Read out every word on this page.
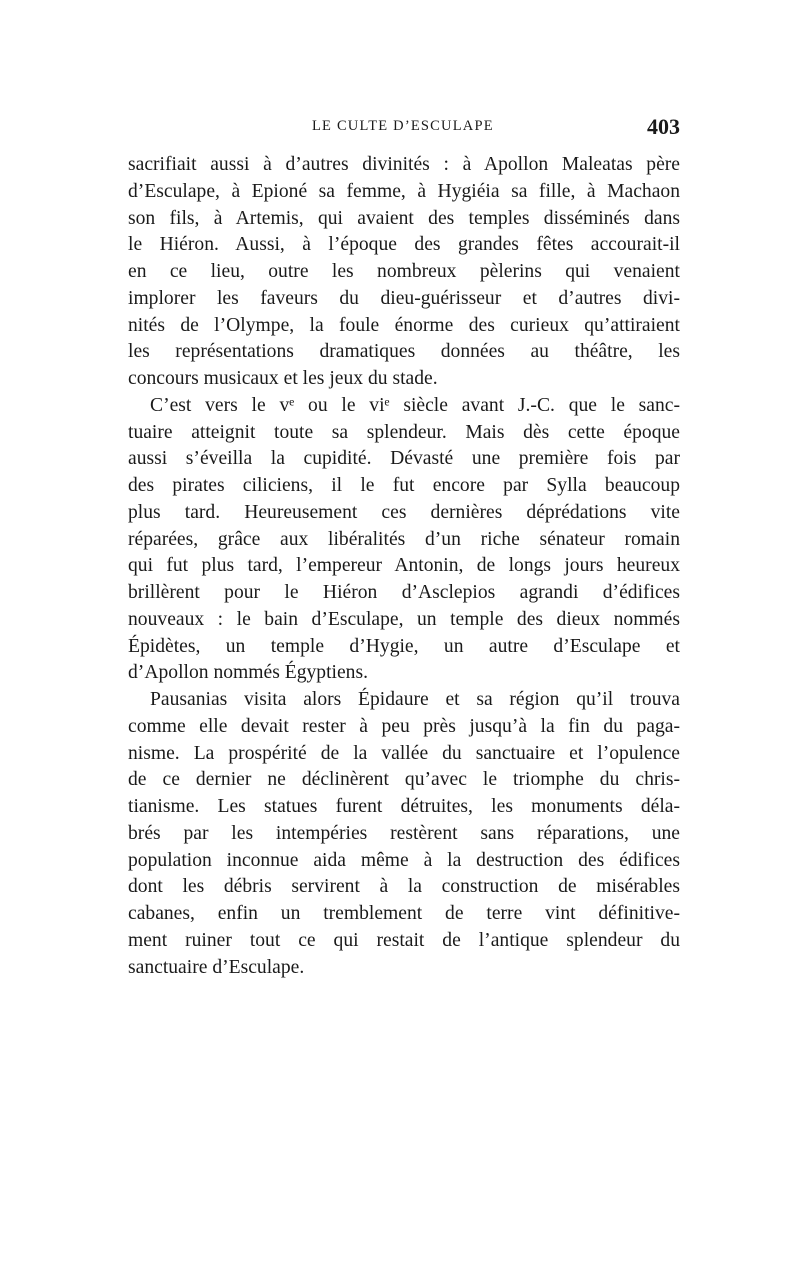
LE CULTE D’ESCULAPE	403

sacrifiait aussi à d’autres divinités : à Apollon Maleatas père
d’Esculape, à Epioné sa femme, à Hygiéia sa fille, à Machaon
son fils, à Artemis, qui avaient des temples disséminés dans
le Hiéron. Aussi, à l’époque des grandes fêtes accourait-il
en ce lieu, outre les nombreux pèlerins qui venaient
implorer les faveurs du dieu-guérisseur et d’autres divi-
nités de l’Olympe, la foule énorme des curieux qu’attiraient
les représentations dramatiques données au théâtre, les
concours musicaux et les jeux du stade.

C’est vers le vᵉ ou le viᵉ siècle avant J.-C. que le sanc-
tuaire atteignit toute sa splendeur. Mais dès cette époque
aussi s’éveilla la cupidité. Dévasté une première fois par
des pirates ciliciens, il le fut encore par Sylla beaucoup
plus tard. Heureusement ces dernières déprédations vite
réparées, grâce aux libéralités d’un riche sénateur romain
qui fut plus tard, l’empereur Antonin, de longs jours heureux
brillèrent pour le Hiéron d’Asclepios agrandi d’édifices
nouveaux : le bain d’Esculape, un temple des dieux nommés
Épidètes, un temple d’Hygie, un autre d’Esculape et
d’Apollon nommés Égyptiens.

Pausanias visita alors Épidaure et sa région qu’il trouva
comme elle devait rester à peu près jusqu’à la fin du paga-
nisme. La prospérité de la vallée du sanctuaire et l’opulence
de ce dernier ne déclinèrent qu’avec le triomphe du chris-
tianisme. Les statues furent détruites, les monuments déla-
brés par les intempéries restèrent sans réparations, une
population inconnue aida même à la destruction des édifices
dont les débris servirent à la construction de misérables
cabanes, enfin un tremblement de terre vint définitive-
ment ruiner tout ce qui restait de l’antique splendeur du
sanctuaire d’Esculape.
